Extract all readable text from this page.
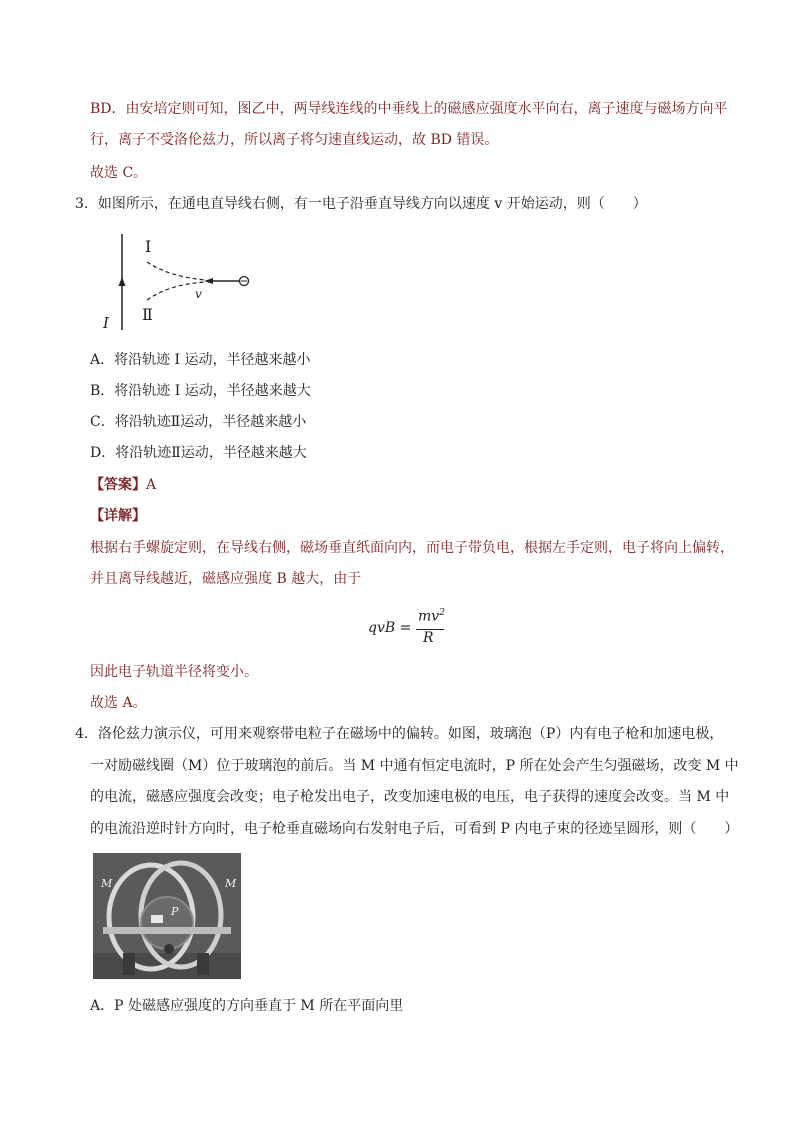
BD．由安培定则可知，图乙中，两导线连线的中垂线上的磁感应强度水平向右，离子速度与磁场方向平
行，离子不受洛伦兹力，所以离子将匀速直线运动，故 BD 错误。
故选 C。
3．如图所示，在通电直导线右侧，有一电子沿垂直导线方向以速度 v 开始运动，则（　　）
I
Ⅱ
v
I
A．将沿轨迹 I 运动，半径越来越小
B．将沿轨迹 I 运动，半径越来越大
C．将沿轨迹Ⅱ运动，半径越来越小
D．将沿轨迹Ⅱ运动，半径越来越大
【答案】A
【详解】
根据右手螺旋定则，在导线右侧，磁场垂直纸面向内，而电子带负电，根据左手定则，电子将向上偏转，
并且离导线越近，磁感应强度 B 越大，由于
qvB =
$mv^2$
R
因此电子轨道半径将变小。
故选 A。
4．洛伦兹力演示仪，可用来观察带电粒子在磁场中的偏转。如图，玻璃泡（P）内有电子枪和加速电极，
一对励磁线圈（M）位于玻璃泡的前后。当 M 中通有恒定电流时，P 所在处会产生匀强磁场，改变 M 中
的电流，磁感应强度会改变；电子枪发出电子，改变加速电极的电压，电子获得的速度会改变。当 M 中
的电流沿逆时针方向时，电子枪垂直磁场向右发射电子后，可看到 P 内电子束的径迹呈圆形，则（　　）
M	M
P
A．P 处磁感应强度的方向垂直于 M 所在平面向里
